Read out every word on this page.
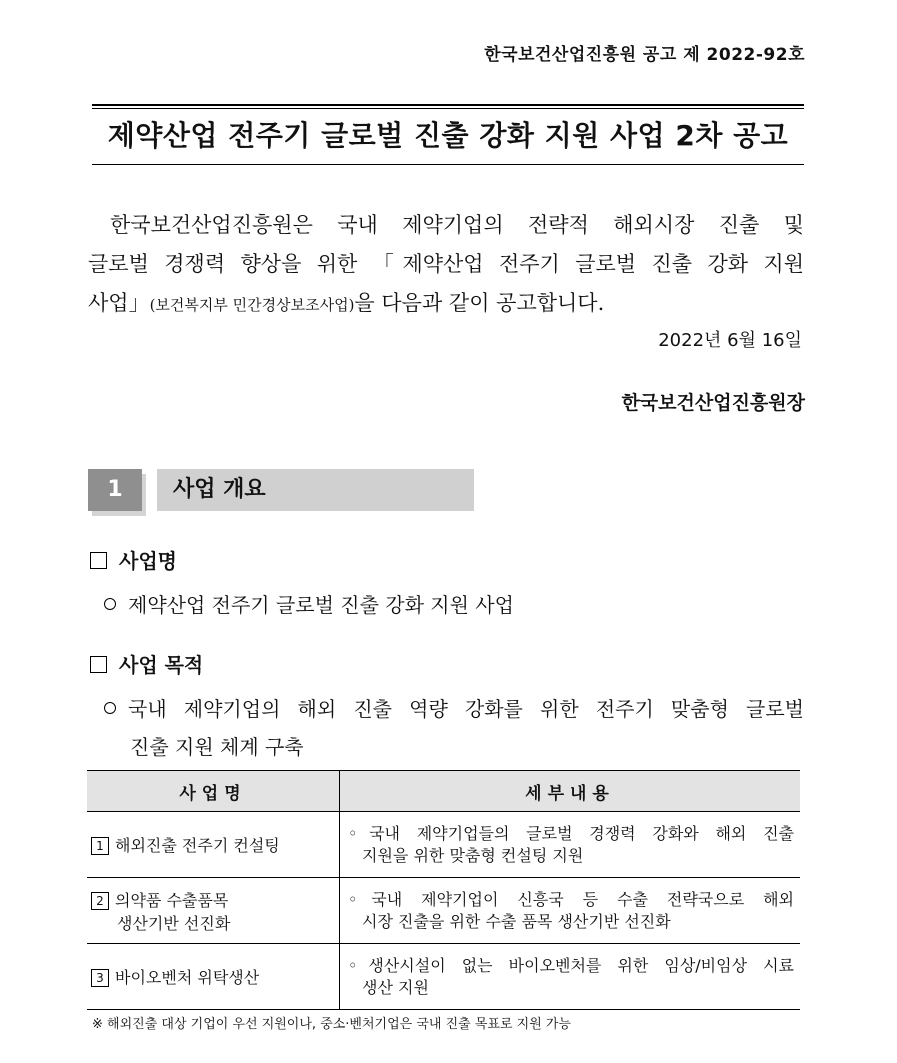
한국보건산업진흥원 공고 제 2022-92호
제약산업 전주기 글로벌 진출 강화 지원 사업 2차 공고
한국보건산업진흥원은 국내 제약기업의 전략적 해외시장 진출 및
글로벌 경쟁력 향상을 위한 「제약산업 전주기 글로벌 진출 강화 지원
사업」(보건복지부 민간경상보조사업)을 다음과 같이 공고합니다.
2022년 6월 16일
한국보건산업진흥원장
1	사업 개요
사업명
제약산업 전주기 글로벌 진출 강화 지원 사업
사업 목적
국내 제약기업의 해외 진출 역량 강화를 위한 전주기 맞춤형 글로벌
진출 지원 체계 구축
사업명	세부내용
1 해외진출 전주기 컨설팅	◦국내 제약기업들의 글로벌 경쟁력 강화와 해외 진출
지원을 위한 맞춤형 컨설팅 지원

2 의약품 수출품목
생산기반 선진화	◦국내 제약기업이 신흥국 등 수출 전략국으로 해외
시장 진출을 위한 수출 품목 생산기반 선진화

3 바이오벤처 위탁생산	◦생산시설이 없는 바이오벤처를 위한 임상/비임상 시료
생산 지원
※ 해외진출 대상 기업이 우선 지원이나, 중소·벤처기업은 국내 진출 목표로 지원 가능
